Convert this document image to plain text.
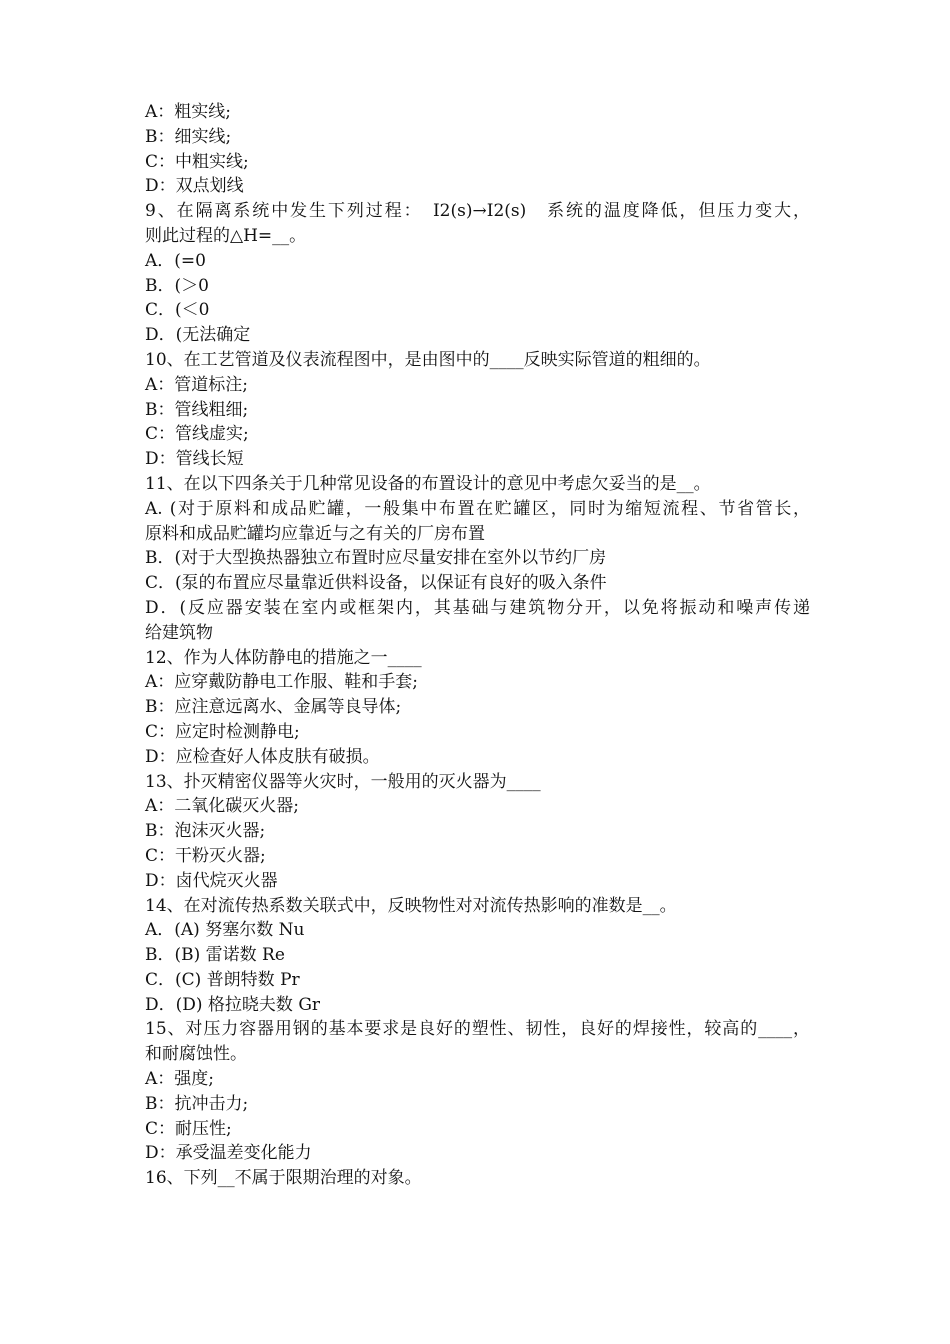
A：粗实线;
B：细实线;
C：中粗实线;
D：双点划线
9、在隔离系统中发生下列过程：　I2(s)→I2(s)　系统的温度降低，但压力变大，
则此过程的△H=__。
A．(=0
B．(＞0
C．(＜0
D．(无法确定
10、在工艺管道及仪表流程图中，是由图中的____反映实际管道的粗细的。
A：管道标注;
B：管线粗细;
C：管线虚实;
D：管线长短
11、在以下四条关于几种常见设备的布置设计的意见中考虑欠妥当的是__。
A. (对于原料和成品贮罐，一般集中布置在贮罐区，同时为缩短流程、节省管长，
原料和成品贮罐均应靠近与之有关的厂房布置
B．(对于大型换热器独立布置时应尽量安排在室外以节约厂房
C．(泵的布置应尽量靠近供料设备，以保证有良好的吸入条件
D．(反应器安装在室内或框架内，其基础与建筑物分开，以免将振动和噪声传递
给建筑物
12、作为人体防静电的措施之一____
A：应穿戴防静电工作服、鞋和手套;
B：应注意远离水、金属等良导体;
C：应定时检测静电;
D：应检查好人体皮肤有破损。
13、扑灭精密仪器等火灾时，一般用的灭火器为____
A：二氧化碳灭火器;
B：泡沫灭火器;
C：干粉灭火器;
D：卤代烷灭火器
14、在对流传热系数关联式中，反映物性对对流传热影响的准数是__。
A．(A) 努塞尔数 Nu
B．(B) 雷诺数 Re
C．(C) 普朗特数 Pr
D．(D) 格拉晓夫数 Gr
15、对压力容器用钢的基本要求是良好的塑性、韧性，良好的焊接性，较高的____，
和耐腐蚀性。
A：强度;
B：抗冲击力;
C：耐压性;
D：承受温差变化能力
16、下列__不属于限期治理的对象。
